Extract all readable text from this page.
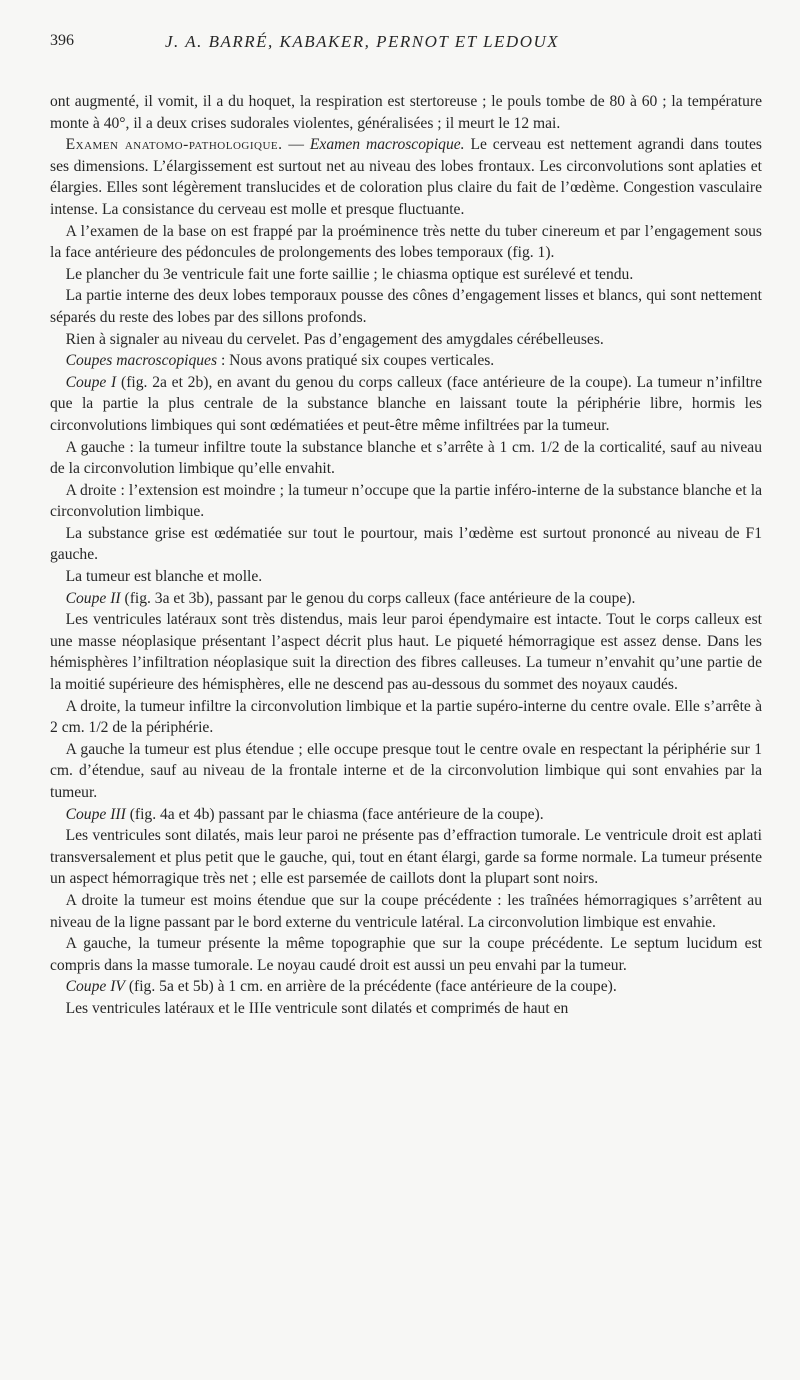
396	J. A. BARRÉ, KABAKER, PERNOT ET LEDOUX

ont augmenté, il vomit, il a du hoquet, la respiration est stertoreuse ; le pouls tombe de 80 à 60 ; la température monte à 40°, il a deux crises sudorales violentes, généralisées ; il meurt le 12 mai.

Examen anatomo-pathologique. — Examen macroscopique. Le cerveau est nettement agrandi dans toutes ses dimensions. L’élargissement est surtout net au niveau des lobes frontaux. Les circonvolutions sont aplaties et élargies. Elles sont légèrement translucides et de coloration plus claire du fait de l’œdème. Congestion vasculaire intense. La consistance du cerveau est molle et presque fluctuante.

A l’examen de la base on est frappé par la proéminence très nette du tuber cinereum et par l’engagement sous la face antérieure des pédoncules de prolongements des lobes temporaux (fig. 1).

Le plancher du 3e ventricule fait une forte saillie ; le chiasma optique est surélevé et tendu.

La partie interne des deux lobes temporaux pousse des cônes d’engagement lisses et blancs, qui sont nettement séparés du reste des lobes par des sillons profonds.

Rien à signaler au niveau du cervelet. Pas d’engagement des amygdales cérébelleuses.

Coupes macroscopiques : Nous avons pratiqué six coupes verticales.

Coupe I (fig. 2a et 2b), en avant du genou du corps calleux (face antérieure de la coupe). La tumeur n’infiltre que la partie la plus centrale de la substance blanche en laissant toute la périphérie libre, hormis les circonvolutions limbiques qui sont œdématiées et peut-être même infiltrées par la tumeur.

A gauche : la tumeur infiltre toute la substance blanche et s’arrête à 1 cm. 1/2 de la corticalité, sauf au niveau de la circonvolution limbique qu’elle envahit.

A droite : l’extension est moindre ; la tumeur n’occupe que la partie inféro-interne de la substance blanche et la circonvolution limbique.

La substance grise est œdématiée sur tout le pourtour, mais l’œdème est surtout prononcé au niveau de F1 gauche.

La tumeur est blanche et molle.

Coupe II (fig. 3a et 3b), passant par le genou du corps calleux (face antérieure de la coupe).

Les ventricules latéraux sont très distendus, mais leur paroi épendymaire est intacte. Tout le corps calleux est une masse néoplasique présentant l’aspect décrit plus haut. Le piqueté hémorragique est assez dense. Dans les hémisphères l’infiltration néoplasique suit la direction des fibres calleuses. La tumeur n’envahit qu’une partie de la moitié supérieure des hémisphères, elle ne descend pas au-dessous du sommet des noyaux caudés.

A droite, la tumeur infiltre la circonvolution limbique et la partie supéro-interne du centre ovale. Elle s’arrête à 2 cm. 1/2 de la périphérie.

A gauche la tumeur est plus étendue ; elle occupe presque tout le centre ovale en respectant la périphérie sur 1 cm. d’étendue, sauf au niveau de la frontale interne et de la circonvolution limbique qui sont envahies par la tumeur.

Coupe III (fig. 4a et 4b) passant par le chiasma (face antérieure de la coupe).

Les ventricules sont dilatés, mais leur paroi ne présente pas d’effraction tumorale. Le ventricule droit est aplati transversalement et plus petit que le gauche, qui, tout en étant élargi, garde sa forme normale. La tumeur présente un aspect hémorragique très net ; elle est parsemée de caillots dont la plupart sont noirs.

A droite la tumeur est moins étendue que sur la coupe précédente : les traînées hémorragiques s’arrêtent au niveau de la ligne passant par le bord externe du ventricule latéral. La circonvolution limbique est envahie.

A gauche, la tumeur présente la même topographie que sur la coupe précédente. Le septum lucidum est compris dans la masse tumorale. Le noyau caudé droit est aussi un peu envahi par la tumeur.

Coupe IV (fig. 5a et 5b) à 1 cm. en arrière de la précédente (face antérieure de la coupe).

Les ventricules latéraux et le IIIe ventricule sont dilatés et comprimés de haut en
